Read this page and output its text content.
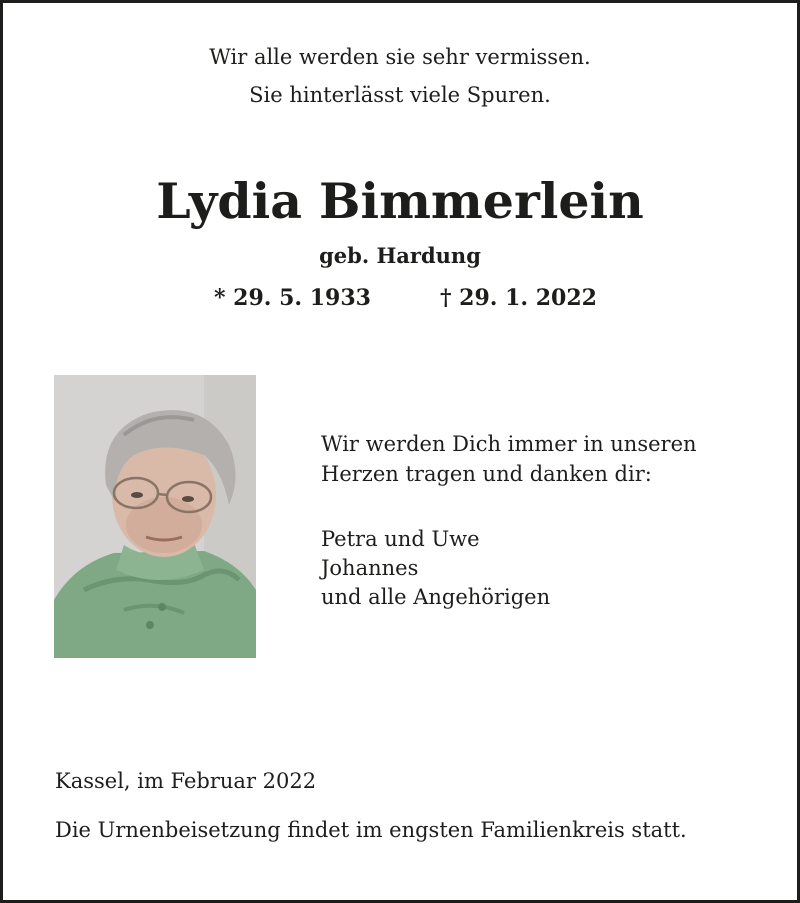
Wir alle werden sie sehr vermissen.
Sie hinterlässt viele Spuren.
Lydia Bimmerlein
geb. Hardung
* 29. 5. 1933	† 29. 1. 2022
Wir werden Dich immer in unseren
Herzen tragen und danken dir:
Petra und Uwe
Johannes
und alle Angehörigen
Kassel, im Februar 2022
Die Urnenbeisetzung findet im engsten Familienkreis statt.
